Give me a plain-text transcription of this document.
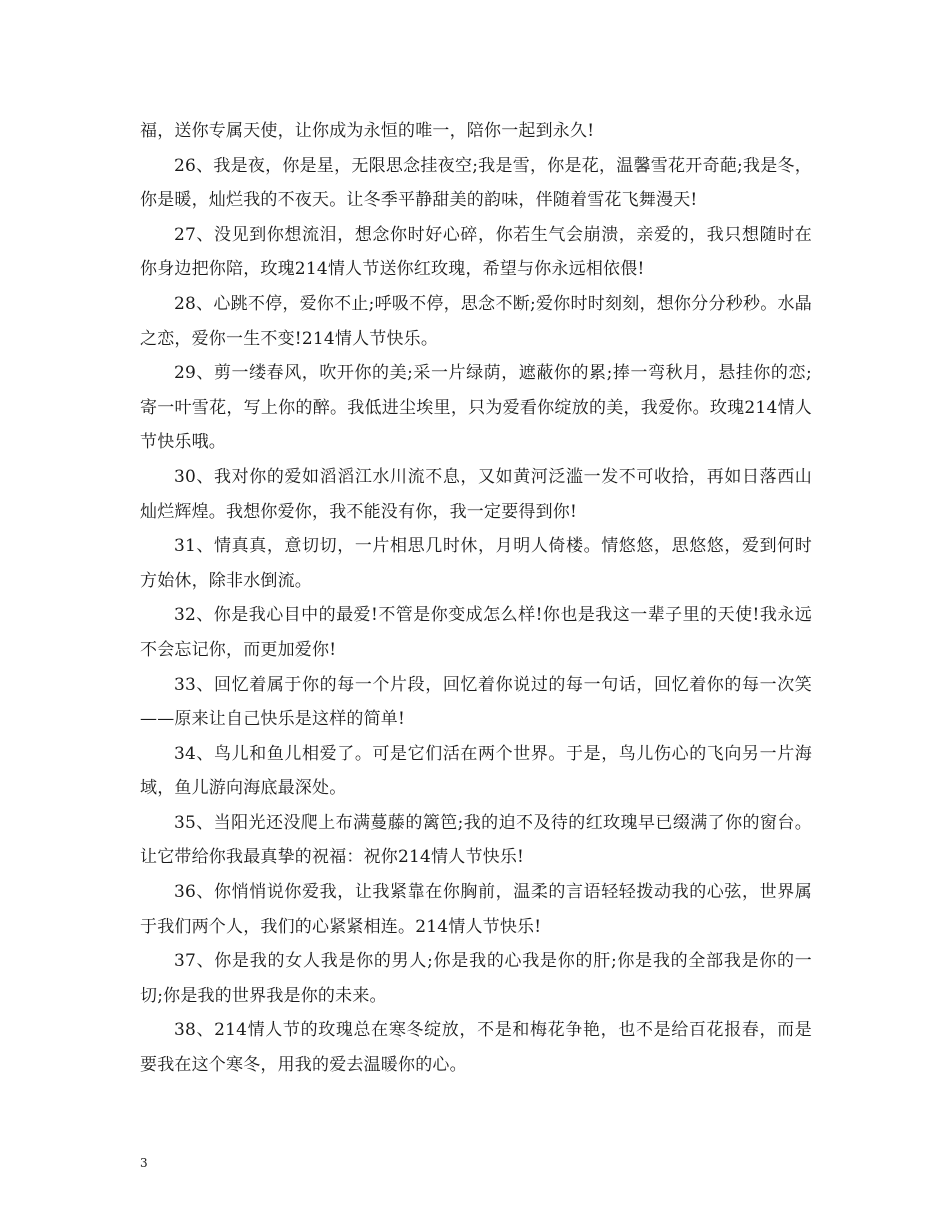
福，送你专属天使，让你成为永恒的唯一，陪你一起到永久!

26、我是夜，你是星，无限思念挂夜空;我是雪，你是花，温馨雪花开奇葩;我是冬，你是暖，灿烂我的不夜天。让冬季平静甜美的韵味，伴随着雪花飞舞漫天!

27、没见到你想流泪，想念你时好心碎，你若生气会崩溃，亲爱的，我只想随时在你身边把你陪，玫瑰214情人节送你红玫瑰，希望与你永远相依偎!

28、心跳不停，爱你不止;呼吸不停，思念不断;爱你时时刻刻，想你分分秒秒。水晶之恋，爱你一生不变!214情人节快乐。

29、剪一缕春风，吹开你的美;采一片绿荫，遮蔽你的累;捧一弯秋月，悬挂你的恋;寄一叶雪花，写上你的醉。我低进尘埃里，只为爱看你绽放的美，我爱你。玫瑰214情人节快乐哦。

30、我对你的爱如滔滔江水川流不息，又如黄河泛滥一发不可收拾，再如日落西山灿烂辉煌。我想你爱你，我不能没有你，我一定要得到你!

31、情真真，意切切，一片相思几时休，月明人倚楼。情悠悠，思悠悠，爱到何时方始休，除非水倒流。

32、你是我心目中的最爱!不管是你变成怎么样!你也是我这一辈子里的天使!我永远不会忘记你，而更加爱你!

33、回忆着属于你的每一个片段，回忆着你说过的每一句话，回忆着你的每一次笑——原来让自己快乐是这样的简单!

34、鸟儿和鱼儿相爱了。可是它们活在两个世界。于是，鸟儿伤心的飞向另一片海域，鱼儿游向海底最深处。

35、当阳光还没爬上布满蔓藤的篱笆;我的迫不及待的红玫瑰早已缀满了你的窗台。让它带给你我最真挚的祝福：祝你214情人节快乐!

36、你悄悄说你爱我，让我紧靠在你胸前，温柔的言语轻轻拨动我的心弦，世界属于我们两个人，我们的心紧紧相连。214情人节快乐!

37、你是我的女人我是你的男人;你是我的心我是你的肝;你是我的全部我是你的一切;你是我的世界我是你的未来。

38、214情人节的玫瑰总在寒冬绽放，不是和梅花争艳，也不是给百花报春，而是要我在这个寒冬，用我的爱去温暖你的心。

3
